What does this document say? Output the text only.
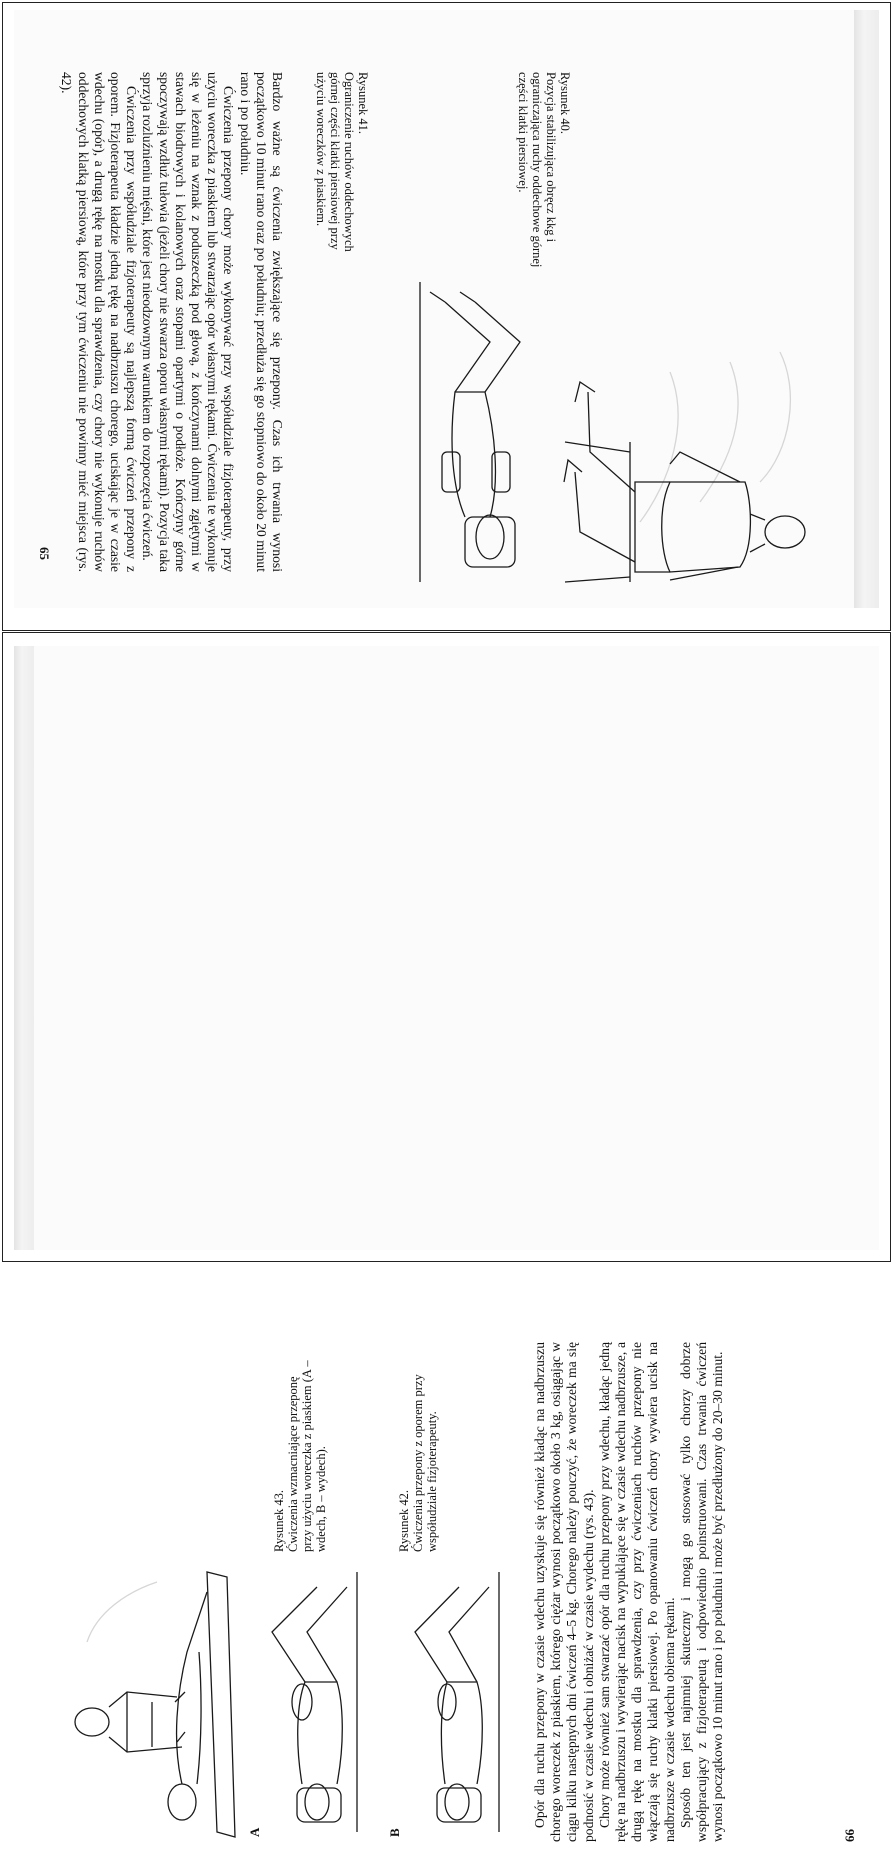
Rysunek 40.

Pozycja stabilizująca obręcz kkg i ograniczająca ruchy oddechowe górnej części klatki piersiowej.

Rysunek 41.

Ograniczenie ruchów oddechowych górnej części klatki piersiowej przy użyciu woreczków z piaskiem.

Bardzo ważne są ćwiczenia zwiększające się przepony. Czas ich trwania wynosi początkowo 10 minut rano oraz po południu; przedłuża się go stopniowo do około 20 minut rano i po południu.

Ćwiczenia przepony chory może wykonywać przy współudziale fizjoterapeuty, przy użyciu woreczka z piaskiem lub stwarzając opór własnymi rękami. Ćwiczenia te wykonuje się w leżeniu na wznak z poduszeczką pod głową, z kończynami dolnymi zgiętymi w stawach biodrowych i kolanowych oraz stopami opartymi o podłoże. Kończyny górne spoczywają wzdłuż tułowia (jeżeli chory nie stwarza oporu własnymi rękami). Pozycja taka sprzyja rozluźnieniu mięśni, które jest nieodzownym warunkiem do rozpoczęcia ćwiczeń.

Ćwiczenia przy współudziale fizjoterapeuty są najlepszą formą ćwiczeń przepony z oporem. Fizjoterapeuta kładzie jedną rękę na nadbrzuszu chorego, uciskając je w czasie wdechu (opór), a drugą rękę na mostku dla sprawdzenia, czy chory nie wykonuje ruchów oddechowych klatką piersiową, które przy tym ćwiczeniu nie powinny mieć miejsca (rys. 42).

65

Rysunek 42. Ćwiczenia przepony z oporem przy współudziale fizjoterapeuty.

A

Rysunek 43. Ćwiczenia wzmacniające przeponę przy użyciu woreczka z piaskiem (A – wdech, B – wydech).

B

Opór dla ruchu przepony w czasie wdechu uzyskuje się również kładąc na nadbrzuszu chorego woreczek z piaskiem, którego ciężar wynosi początkowo około 3 kg, osiągając w ciągu kilku następnych dni ćwiczeń 4–5 kg. Chorego należy pouczyć, że woreczek ma się podnosić w czasie wdechu i obniżać w czasie wydechu (rys. 43). Chory może również sam stwarzać opór dla ruchu przepony przy wdechu, kładąc jedną rękę na nadbrzuszu i wywierając nacisk na wypuklające się w czasie wdechu nadbrzusze, a drugą rękę na mostku dla sprawdzenia, czy przy ćwiczeniach ruchów przepony nie włączają się ruchy klatki piersiowej. Po opanowaniu ćwiczeń chory wywiera ucisk na nadbrzusze w czasie wdechu obiema rękami. Sposób ten jest najmniej skuteczny i mogą go stosować tylko chorzy dobrze współpracujący z fizjoterapeutą i odpowiednio poinstruowani. Czas trwania ćwiczeń wynosi początkowo 10 minut rano i po południu i może być przedłużony do 20–30 minut.	66
